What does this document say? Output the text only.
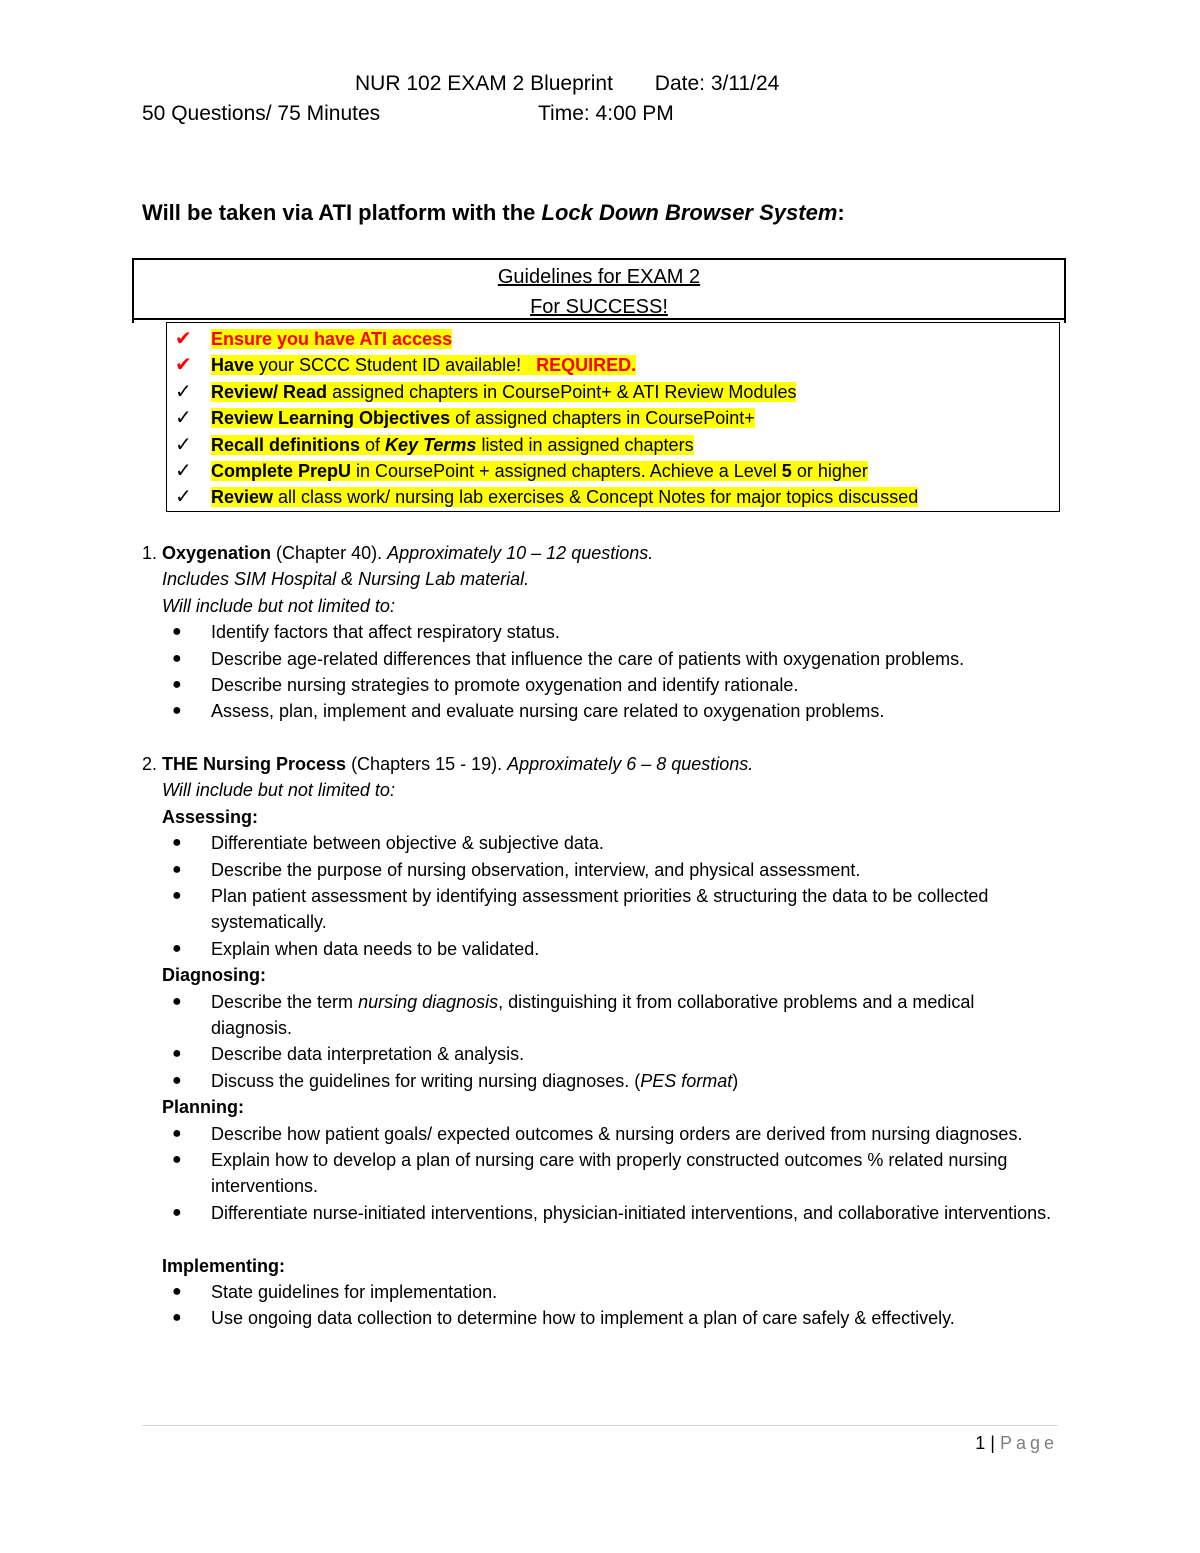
NUR 102 EXAM 2 Blueprint Date: 3/11/24
50 Questions/ 75 Minutes	Time: 4:00 PM
Will be taken via ATI platform with the Lock Down Browser System:
Guidelines for EXAM 2
For SUCCESS!
✔ Ensure you have ATI access
✔ Have your SCCC Student ID available!   REQUIRED.
✓ Review/ Read assigned chapters in CoursePoint+ & ATI Review Modules
✓ Review Learning Objectives of assigned chapters in CoursePoint+
✓ Recall definitions of Key Terms listed in assigned chapters
✓ Complete PrepU in CoursePoint + assigned chapters. Achieve a Level 5 or higher
✓ Review all class work/ nursing lab exercises & Concept Notes for major topics discussed
1. Oxygenation (Chapter 40). Approximately 10 – 12 questions.
Includes SIM Hospital & Nursing Lab material.
Will include but not limited to:
● Identify factors that affect respiratory status.
● Describe age-related differences that influence the care of patients with oxygenation problems.
● Describe nursing strategies to promote oxygenation and identify rationale.
● Assess, plan, implement and evaluate nursing care related to oxygenation problems.
2. THE Nursing Process (Chapters 15 - 19). Approximately 6 – 8 questions.
Will include but not limited to:
Assessing:
● Differentiate between objective & subjective data.
● Describe the purpose of nursing observation, interview, and physical assessment.
● Plan patient assessment by identifying assessment priorities & structuring the data to be collected systematically.
● Explain when data needs to be validated.
Diagnosing:
● Describe the term nursing diagnosis, distinguishing it from collaborative problems and a medical diagnosis.
● Describe data interpretation & analysis.
● Discuss the guidelines for writing nursing diagnoses. (PES format)
Planning:
● Describe how patient goals/ expected outcomes & nursing orders are derived from nursing diagnoses.
● Explain how to develop a plan of nursing care with properly constructed outcomes % related nursing interventions.
● Differentiate nurse-initiated interventions, physician-initiated interventions, and collaborative interventions.
Implementing:
● State guidelines for implementation.
● Use ongoing data collection to determine how to implement a plan of care safely & effectively.
1 | Page
